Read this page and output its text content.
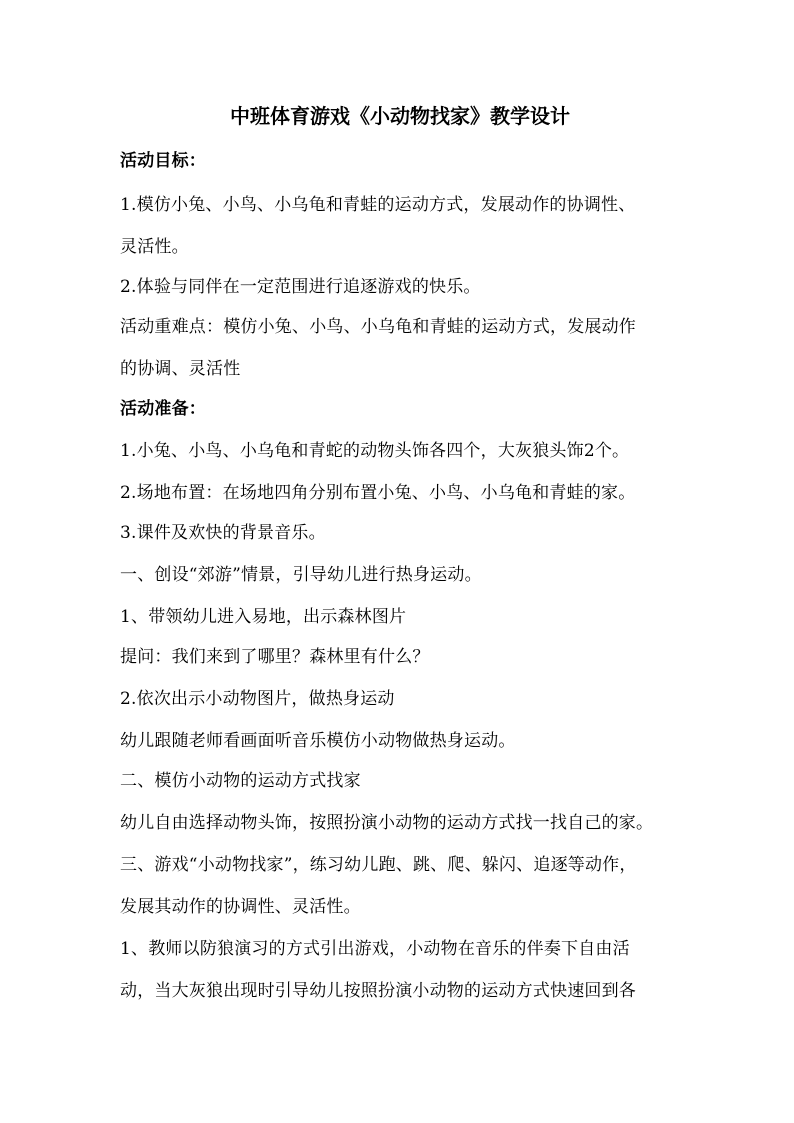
中班体育游戏《小动物找家》教学设计
活动目标：
1.模仿小兔、小鸟、小乌龟和青蛙的运动方式，发展动作的协调性、
灵活性。
2.体验与同伴在一定范围进行追逐游戏的快乐。
活动重难点：模仿小兔、小鸟、小乌龟和青蛙的运动方式，发展动作
的协调、灵活性
活动准备：
1.小兔、小鸟、小乌龟和青蛇的动物头饰各四个，大灰狼头饰2个。
2.场地布置：在场地四角分别布置小兔、小鸟、小乌龟和青蛙的家。
3.课件及欢快的背景音乐。
一、创设“郊游”情景，引导幼儿进行热身运动。
1、带领幼儿进入易地，出示森林图片
提问：我们来到了哪里？森林里有什么？
2.依次出示小动物图片，做热身运动
幼儿跟随老师看画面听音乐模仿小动物做热身运动。
二、模仿小动物的运动方式找家
幼儿自由选择动物头饰，按照扮演小动物的运动方式找一找自己的家。
三、游戏“小动物找家”，练习幼儿跑、跳、爬、躲闪、追逐等动作，
发展其动作的协调性、灵活性。
1、教师以防狼演习的方式引出游戏，小动物在音乐的伴奏下自由活
动，当大灰狼出现时引导幼儿按照扮演小动物的运动方式快速回到各
